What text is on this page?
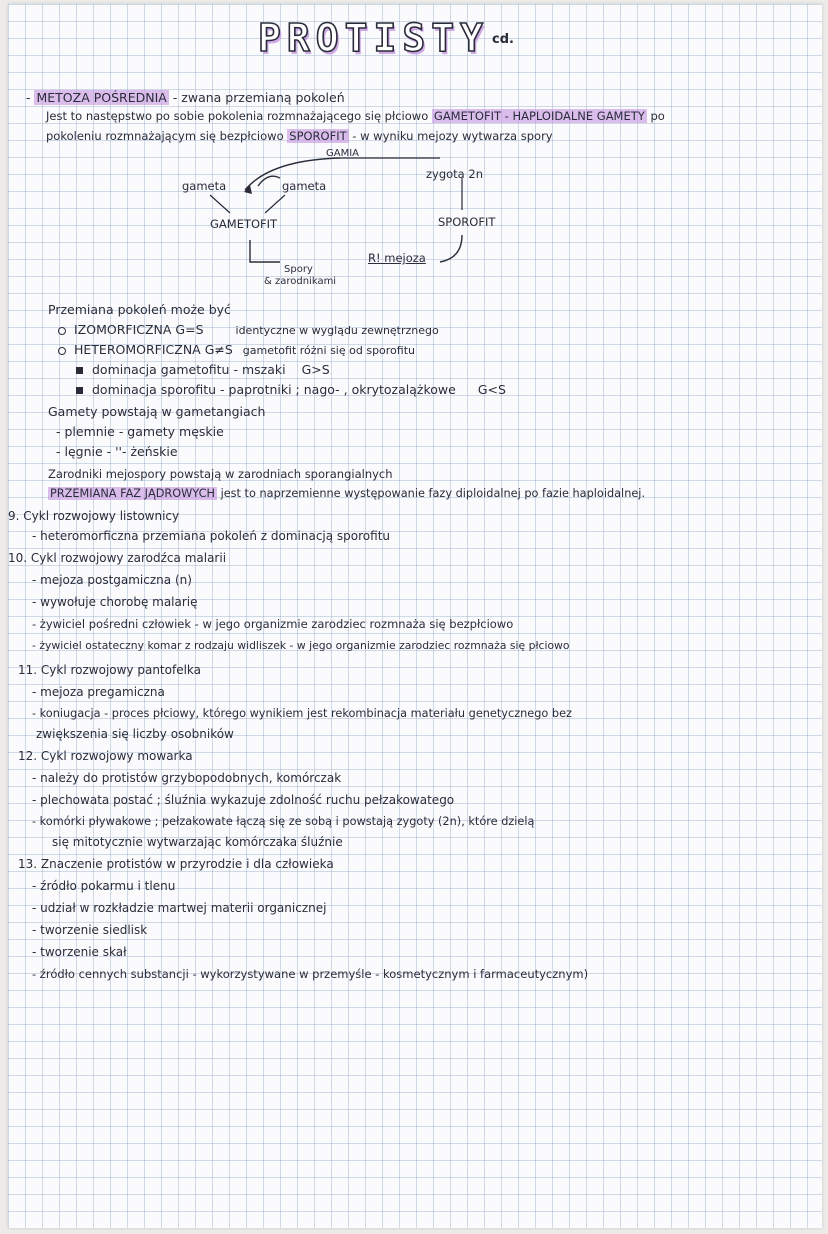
PROTISTY cd.
- METOZA POŚREDNIA - zwana przemianą pokoleń
Jest to następstwo po sobie pokolenia rozmnażającego się płciowo GAMETOFIT - HAPLOIDALNE GAMETY po
pokoleniu rozmnażającym się bezpłciowo SPOROFIT - w wyniku mejozy wytwarza spory
GAMIA
gameta	gameta
zygota 2n
GAMETOFIT	SPOROFIT
R! mejoza
Spory
& zarodnikami
Przemiana pokoleń może być
IZOMORFICZNA G=S	identyczne w wyglądu zewnętrznego
HETEROMORFICZNA G≠S gametofit różni się od sporofitu
dominacja gametofitu - mszaki G>S
dominacja sporofitu - paprotniki ; nago- , okrytozalążkowe G<S
Gamety powstają w gametangiach
- plemnie - gamety męskie
- lęgnie - ''- żeńskie
Zarodniki mejospory powstają w zarodniach sporangialnych
PRZEMIANA FAZ JĄDROWYCH jest to naprzemienne występowanie fazy diploidalnej po fazie haploidalnej.
9. Cykl rozwojowy listownicy
- heteromorficzna przemiana pokoleń z dominacją sporofitu
10. Cykl rozwojowy zarodźca malarii
- mejoza postgamiczna (n)
- wywołuje chorobę malarię
- żywiciel pośredni człowiek - w jego organizmie zarodziec rozmnaża się bezpłciowo
- żywiciel ostateczny komar z rodzaju widliszek - w jego organizmie zarodziec rozmnaża się płciowo
11. Cykl rozwojowy pantofelka
- mejoza pregamiczna
- koniugacja - proces płciowy, którego wynikiem jest rekombinacja materiału genetycznego bez
zwiększenia się liczby osobników
12. Cykl rozwojowy mowarka
- należy do protistów grzybopodobnych, komórczak
- plechowata postać ; śluźnia wykazuje zdolność ruchu pełzakowatego
- komórki pływakowe ; pełzakowate łączą się ze sobą i powstają zygoty (2n), które dzielą
się mitotycznie wytwarzając komórczaka śluźnie
13. Znaczenie protistów w przyrodzie i dla człowieka
- źródło pokarmu i tlenu
- udział w rozkładzie martwej materii organicznej
- tworzenie siedlisk
- tworzenie skał
- źródło cennych substancji - wykorzystywane w przemyśle - kosmetycznym i farmaceutycznym)
